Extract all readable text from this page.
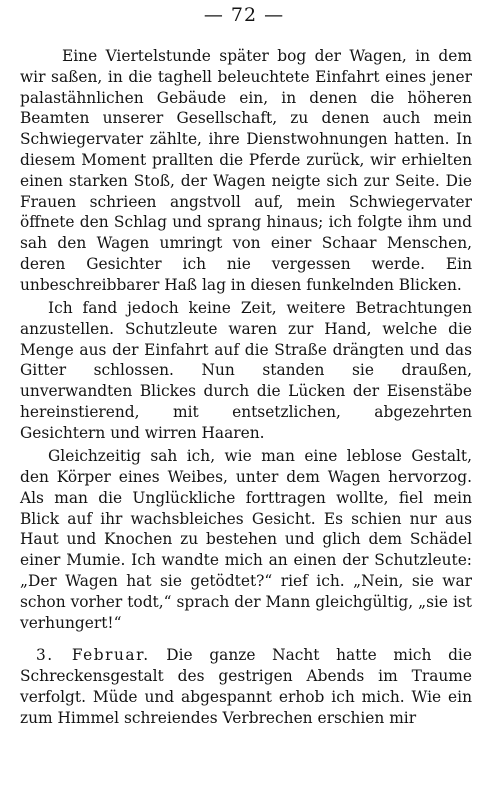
— 72 —

Eine Viertelstunde später bog der Wagen, in dem wir saßen, in die taghell beleuchtete Einfahrt eines jener palastähnlichen Gebäude ein, in denen die höheren Beamten unserer Gesellschaft, zu denen auch mein Schwiegervater zählte, ihre Dienstwohnungen hatten. In diesem Moment prallten die Pferde zurück, wir erhielten einen starken Stoß, der Wagen neigte sich zur Seite. Die Frauen schrieen angstvoll auf, mein Schwiegervater öffnete den Schlag und sprang hinaus; ich folgte ihm und sah den Wagen umringt von einer Schaar Menschen, deren Gesichter ich nie vergessen werde. Ein unbeschreibbarer Haß lag in diesen funkelnden Blicken.

Ich fand jedoch keine Zeit, weitere Betrachtungen anzustellen. Schutzleute waren zur Hand, welche die Menge aus der Einfahrt auf die Straße drängten und das Gitter schlossen. Nun standen sie draußen, unverwandten Blickes durch die Lücken der Eisenstäbe hereinstierend, mit entsetzlichen, abgezehrten Gesichtern und wirren Haaren.

Gleichzeitig sah ich, wie man eine leblose Gestalt, den Körper eines Weibes, unter dem Wagen hervorzog. Als man die Unglückliche forttragen wollte, fiel mein Blick auf ihr wachsbleiches Gesicht. Es schien nur aus Haut und Knochen zu bestehen und glich dem Schädel einer Mumie. Ich wandte mich an einen der Schutzleute: „Der Wagen hat sie getödtet?“ rief ich. „Nein, sie war schon vorher todt,“ sprach der Mann gleichgültig, „sie ist verhungert!“

3. Februar. Die ganze Nacht hatte mich die Schreckensgestalt des gestrigen Abends im Traume verfolgt. Müde und abgespannt erhob ich mich. Wie ein zum Himmel schreiendes Verbrechen erschien mir
